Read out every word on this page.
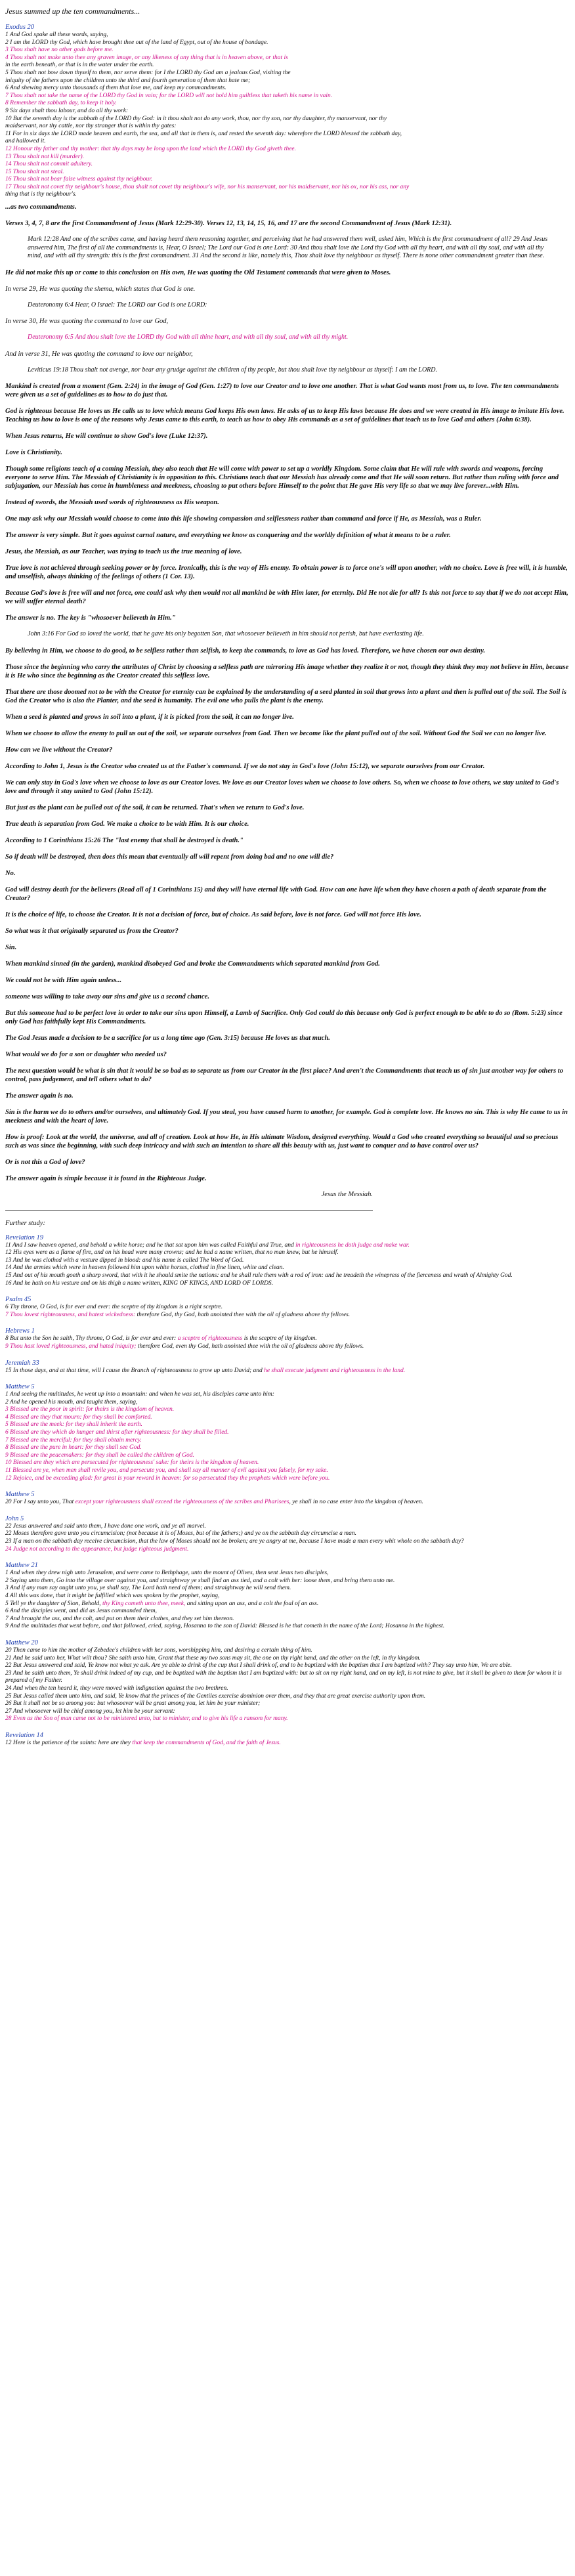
Jesus summed up the ten commandments...
Exodus 20
1 And God spake all these words, saying,
2 I am the LORD thy God, which have brought thee out of the land of Egypt, out of the house of bondage.
3 Thou shalt have no other gods before me.
4 Thou shalt not make unto thee any graven image, or any likeness of any thing that is in heaven above, or that is
in the earth beneath, or that is in the water under the earth.
5 Thou shalt not bow down thyself to them, nor serve them: for I the LORD thy God am a jealous God, visiting the
iniquity of the fathers upon the children unto the third and fourth generation of them that hate me;
6 And shewing mercy unto thousands of them that love me, and keep my commandments.
7 Thou shalt not take the name of the LORD thy God in vain; for the LORD will not hold him guiltless that taketh his name in vain.
8 Remember the sabbath day, to keep it holy.
9 Six days shalt thou labour, and do all thy work:
10 But the seventh day is the sabbath of the LORD thy God: in it thou shalt not do any work, thou, nor thy son, nor thy daughter, thy manservant, nor thy
maidservant, nor thy cattle, nor thy stranger that is within thy gates:
11 For in six days the LORD made heaven and earth, the sea, and all that in them is, and rested the seventh day: wherefore the LORD blessed the sabbath day,
and hallowed it.
12 Honour thy father and thy mother: that thy days may be long upon the land which the LORD thy God giveth thee.
13 Thou shalt not kill (murder).
14 Thou shalt not commit adultery.
15 Thou shalt not steal.
16 Thou shalt not bear false witness against thy neighbour.
17 Thou shalt not covet thy neighbour's house, thou shalt not covet thy neighbour's wife, nor his manservant, nor his maidservant, nor his ox, nor his ass, nor any
thing that is thy neighbour's.
...as two commandments.
Verses 3, 4, 7, 8 are the first Commandment of Jesus (Mark 12:29-30). Verses 12, 13, 14, 15, 16, and 17 are the second Commandment of Jesus (Mark 12:31).
Mark 12:28 And one of the scribes came, and having heard them reasoning together, and perceiving that he had answered them well, asked him, Which is the first commandment of all? 29 And Jesus answered him, The first of all the commandments is, Hear, O Israel; The Lord our God is one Lord: 30 And thou shalt love the Lord thy God with all thy heart, and with all thy soul, and with all thy mind, and with all thy strength: this is the first commandment. 31 And the second is like, namely this, Thou shalt love thy neighbour as thyself. There is none other commandment greater than these.
He did not make this up or come to this conclusion on His own, He was quoting the Old Testament commands that were given to Moses.
In verse 29, He was quoting the shema, which states that God is one.
Deuteronomy 6:4 Hear, O Israel: The LORD our God is one LORD:
In verse 30, He was quoting the command to love our God,
Deuteronomy 6:5 And thou shalt love the LORD thy God with all thine heart, and with all thy soul, and with all thy might.
And in verse 31, He was quoting the command to love our neighbor,
Leviticus 19:18 Thou shalt not avenge, nor bear any grudge against the children of thy people, but thou shalt love thy neighbour as thyself: I am the LORD.
Mankind is created from a moment (Gen. 2:24) in the image of God (Gen. 1:27) to love our Creator and to love one another. That is what God wants most from us, to love. The ten commandments were given us a set of guidelines as to how to do just that.
God is righteous because He loves us He calls us to love which means God keeps His own laws. He asks of us to keep His laws because He does and we were created in His image to imitate His love. Teaching us how to love is one of the reasons why Jesus came to this earth, to teach us how to obey His commands as a set of guidelines that teach us to love God and others (John 6:38).
When Jesus returns, He will continue to show God's love (Luke 12:37).
Love is Christianity.
Though some religions teach of a coming Messiah, they also teach that He will come with power to set up a worldly Kingdom. Some claim that He will rule with swords and weapons, forcing everyone to serve Him. The Messiah of Christianity is in opposition to this. Christians teach that our Messiah has already come and that He will soon return. But rather than ruling with force and subjugation, our Messiah has come in humbleness and meekness, choosing to put others before Himself to the point that He gave His very life so that we may live forever...with Him.
Instead of swords, the Messiah used words of righteousness as His weapon.
One may ask why our Messiah would choose to come into this life showing compassion and selflessness rather than command and force if He, as Messiah, was a Ruler.
The answer is very simple. But it goes against carnal nature, and everything we know as conquering and the worldly definition of what it means to be a ruler.
Jesus, the Messiah, as our Teacher, was trying to teach us the true meaning of love.
True love is not achieved through seeking power or by force. Ironically, this is the way of His enemy. To obtain power is to force one's will upon another, with no choice. Love is free will, it is humble, and unselfish, always thinking of the feelings of others (1 Cor. 13).
Because God's love is free will and not force, one could ask why then would not all mankind be with Him later, for eternity. Did He not die for all? Is this not force to say that if we do not accept Him, we will suffer eternal death?
The answer is no. The key is "whosoever believeth in Him."
John 3:16 For God so loved the world, that he gave his only begotten Son, that whosoever believeth in him should not perish, but have everlasting life.
By believing in Him, we choose to do good, to be selfless rather than selfish, to keep the commands, to love as God has loved. Therefore, we have chosen our own destiny.
Those since the beginning who carry the attributes of Christ by choosing a selfless path are mirroring His image whether they realize it or not, though they think they may not believe in Him, because it is He who since the beginning as the Creator created this selfless love.
That there are those doomed not to be with the Creator for eternity can be explained by the understanding of a seed planted in soil that grows into a plant and then is pulled out of the soil. The Soil is God the Creator who is also the Planter, and the seed is humanity. The evil one who pulls the plant is the enemy.
When a seed is planted and grows in soil into a plant, if it is picked from the soil, it can no longer live.
When we choose to allow the enemy to pull us out of the soil, we separate ourselves from God. Then we become like the plant pulled out of the soil. Without God the Soil we can no longer live.
How can we live without the Creator?
According to John 1, Jesus is the Creator who created us at the Father's command. If we do not stay in God's love (John 15:12), we separate ourselves from our Creator.
We can only stay in God's love when we choose to love as our Creator loves. We love as our Creator loves when we choose to love others. So, when we choose to love others, we stay united to God's love and through it stay united to God (John 15:12).
But just as the plant can be pulled out of the soil, it can be returned. That's when we return to God's love.
True death is separation from God. We make a choice to be with Him. It is our choice.
According to 1 Corinthians 15:26 The "last enemy that shall be destroyed is death."
So if death will be destroyed, then does this mean that eventually all will repent from doing bad and no one will die?
No.
God will destroy death for the believers (Read all of 1 Corinthians 15) and they will have eternal life with God. How can one have life when they have chosen a path of death separate from the Creator?
It is the choice of life, to choose the Creator. It is not a decision of force, but of choice. As said before, love is not force. God will not force His love.
So what was it that originally separated us from the Creator?
Sin.
When mankind sinned (in the garden), mankind disobeyed God and broke the Commandments which separated mankind from God.
We could not be with Him again unless...
someone was willing to take away our sins and give us a second chance.
But this someone had to be perfect love in order to take our sins upon Himself, a Lamb of Sacrifice. Only God could do this because only God is perfect enough to be able to do so (Rom. 5:23) since only God has faithfully kept His Commandments.
The God Jesus made a decision to be a sacrifice for us a long time ago (Gen. 3:15) because He loves us that much.
What would we do for a son or daughter who needed us?
The next question would be what is sin that it would be so bad as to separate us from our Creator in the first place? And aren't the Commandments that teach us of sin just another way for others to control, pass judgement, and tell others what to do?
The answer again is no.
Sin is the harm we do to others and/or ourselves, and ultimately God. If you steal, you have caused harm to another, for example. God is complete love. He knows no sin. This is why He came to us in meekness and with the heart of love.
How is proof: Look at the world, the universe, and all of creation. Look at how He, in His ultimate Wisdom, designed everything. Would a God who created everything so beautiful and so precious such as was since the beginning, with such deep intricacy and with such an intention to share all this beauty with us, just want to conquer and to have control over us?
Or is not this a God of love?
The answer again is simple because it is found in the Righteous Judge.
Jesus the Messiah.
Further study:
Revelation 19
11 And I saw heaven opened, and behold a white horse; and he that sat upon him was called Faithful and True, and in righteousness he doth judge and make war.
12 His eyes were as a flame of fire, and on his head were many crowns; and he had a name written, that no man knew, but he himself.
13 And he was clothed with a vesture dipped in blood: and his name is called The Word of God.
14 And the armies which were in heaven followed him upon white horses, clothed in fine linen, white and clean.
15 And out of his mouth goeth a sharp sword, that with it he should smite the nations: and he shall rule them with a rod of iron: and he treadeth the winepress of the fierceness and wrath of Almighty God.
16 And he hath on his vesture and on his thigh a name written, KING OF KINGS, AND LORD OF LORDS.
Psalm 45
6 Thy throne, O God, is for ever and ever: the sceptre of thy kingdom is a right sceptre.
7 Thou lovest righteousness, and hatest wickedness: therefore God, thy God, hath anointed thee with the oil of gladness above thy fellows.
Hebrews 1
8 But unto the Son he saith, Thy throne, O God, is for ever and ever: a sceptre of righteousness is the sceptre of thy kingdom.
9 Thou hast loved righteousness, and hated iniquity; therefore God, even thy God, hath anointed thee with the oil of gladness above thy fellows.
Jeremiah 33
15 In those days, and at that time, will I cause the Branch of righteousness to grow up unto David; and he shall execute judgment and righteousness in the land.
Matthew 5
1 And seeing the multitudes, he went up into a mountain: and when he was set, his disciples came unto him:
2 And he opened his mouth, and taught them, saying,
3 Blessed are the poor in spirit: for theirs is the kingdom of heaven.
4 Blessed are they that mourn: for they shall be comforted.
5 Blessed are the meek: for they shall inherit the earth.
6 Blessed are they which do hunger and thirst after righteousness: for they shall be filled.
7 Blessed are the merciful: for they shall obtain mercy.
8 Blessed are the pure in heart: for they shall see God.
9 Blessed are the peacemakers: for they shall be called the children of God.
10 Blessed are they which are persecuted for righteousness' sake: for theirs is the kingdom of heaven.
11 Blessed are ye, when men shall revile you, and persecute you, and shall say all manner of evil against you falsely, for my sake.
12 Rejoice, and be exceeding glad: for great is your reward in heaven: for so persecuted they the prophets which were before you.
Matthew 5
20 For I say unto you, That except your righteousness shall exceed the righteousness of the scribes and Pharisees, ye shall in no case enter into the kingdom of heaven.
John 5
22 Jesus answered and said unto them, I have done one work, and ye all marvel.
22 Moses therefore gave unto you circumcision; (not because it is of Moses, but of the fathers;) and ye on the sabbath day circumcise a man.
23 If a man on the sabbath day receive circumcision, that the law of Moses should not be broken; are ye angry at me, because I have made a man every whit whole on the sabbath day?
24 Judge not according to the appearance, but judge righteous judgment.
Matthew 21
1 And when they drew nigh unto Jerusalem, and were come to Bethphage, unto the mount of Olives, then sent Jesus two disciples,
2 Saying unto them, Go into the village over against you, and straightway ye shall find an ass tied, and a colt with her: loose them, and bring them unto me.
3 And if any man say ought unto you, ye shall say, The Lord hath need of them; and straightway he will send them.
4 All this was done, that it might be fulfilled which was spoken by the prophet, saying,
5 Tell ye the daughter of Sion, Behold, thy King cometh unto thee, meek, and sitting upon an ass, and a colt the foal of an ass.
6 And the disciples went, and did as Jesus commanded them,
7 And brought the ass, and the colt, and put on them their clothes, and they set him thereon.
9 And the multitudes that went before, and that followed, cried, saying, Hosanna to the son of David: Blessed is he that cometh in the name of the Lord; Hosanna in the highest.
Matthew 20
20 Then came to him the mother of Zebedee's children with her sons, worshipping him, and desiring a certain thing of him.
21 And he said unto her, What wilt thou? She saith unto him, Grant that these my two sons may sit, the one on thy right hand, and the other on the left, in thy kingdom.
22 But Jesus answered and said, Ye know not what ye ask. Are ye able to drink of the cup that I shall drink of, and to be baptized with the baptism that I am baptized with? They say unto him, We are able.
23 And he saith unto them, Ye shall drink indeed of my cup, and be baptized with the baptism that I am baptized with: but to sit on my right hand, and on my left, is not mine to give, but it shall be given to them for whom it is prepared of my Father.
24 And when the ten heard it, they were moved with indignation against the two brethren.
25 But Jesus called them unto him, and said, Ye know that the princes of the Gentiles exercise dominion over them, and they that are great exercise authority upon them.
26 But it shall not be so among you: but whosoever will be great among you, let him be your minister;
27 And whosoever will be chief among you, let him be your servant:
28 Even as the Son of man came not to be ministered unto, but to minister, and to give his life a ransom for many.
Revelation 14
12 Here is the patience of the saints: here are they that keep the commandments of God, and the faith of Jesus.
